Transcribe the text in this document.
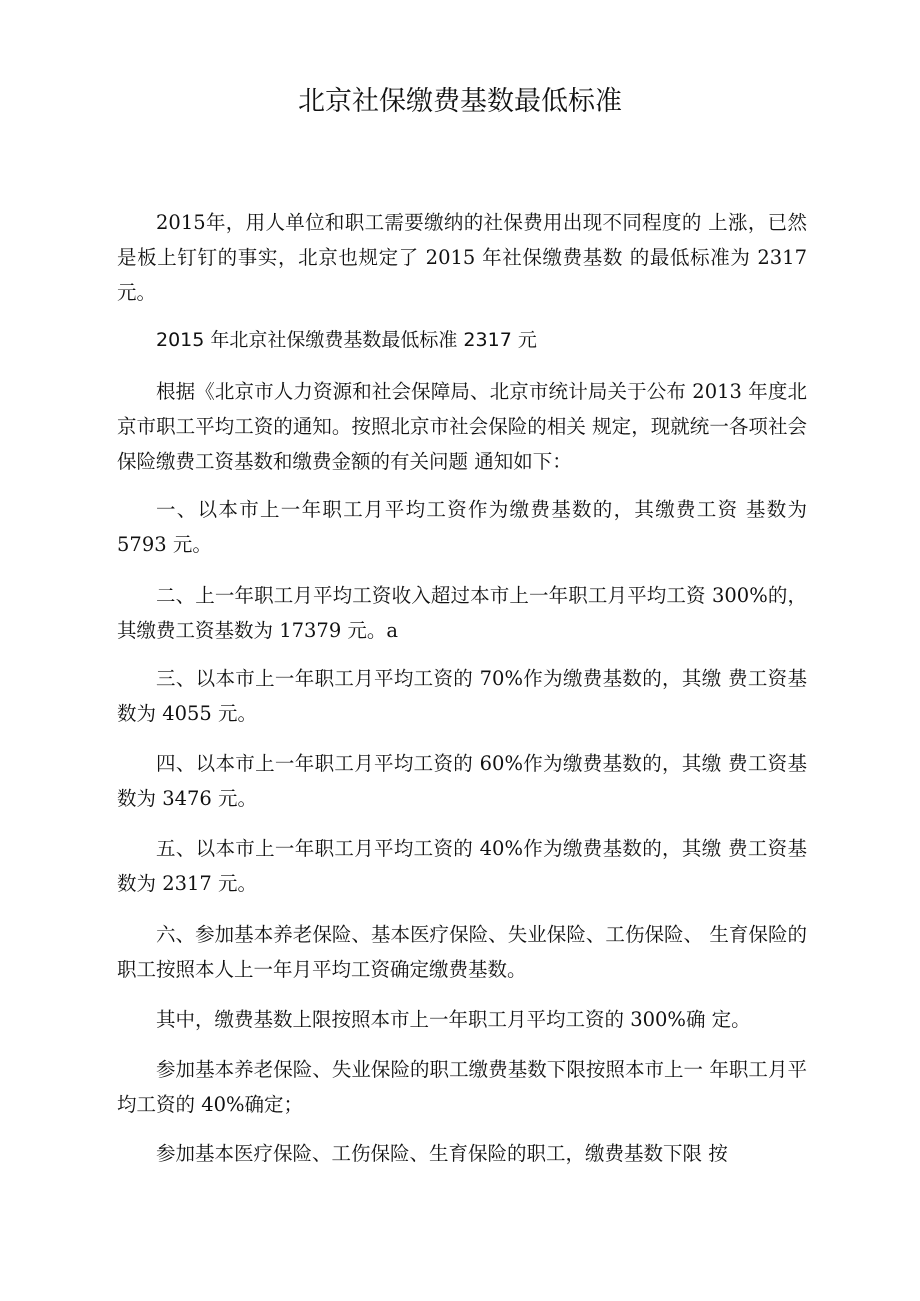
北京社保缴费基数最低标准

2015年，用人单位和职工需要缴纳的社保费用出现不同程度的 上涨，已然是板上钉钉的事实，北京也规定了 2015 年社保缴费基数 的最低标准为 2317 元。

2015 年北京社保缴费基数最低标准 2317 元

根据《北京市人力资源和社会保障局、北京市统计局关于公布 2013 年度北京市职工平均工资的通知。按照北京市社会保险的相关 规定，现就统一各项社会保险缴费工资基数和缴费金额的有关问题 通知如下：

一、以本市上一年职工月平均工资作为缴费基数的，其缴费工资 基数为 5793 元。

二、上一年职工月平均工资收入超过本市上一年职工月平均工资 300%的，其缴费工资基数为 17379 元。a

三、以本市上一年职工月平均工资的 70%作为缴费基数的，其缴 费工资基数为 4055 元。

四、以本市上一年职工月平均工资的 60%作为缴费基数的，其缴 费工资基数为 3476 元。

五、以本市上一年职工月平均工资的 40%作为缴费基数的，其缴 费工资基数为 2317 元。

六、参加基本养老保险、基本医疗保险、失业保险、工伤保险、 生育保险的职工按照本人上一年月平均工资确定缴费基数。

其中，缴费基数上限按照本市上一年职工月平均工资的 300%确 定。

参加基本养老保险、失业保险的职工缴费基数下限按照本市上一 年职工月平均工资的 40%确定；

参加基本医疗保险、工伤保险、生育保险的职工，缴费基数下限 按
